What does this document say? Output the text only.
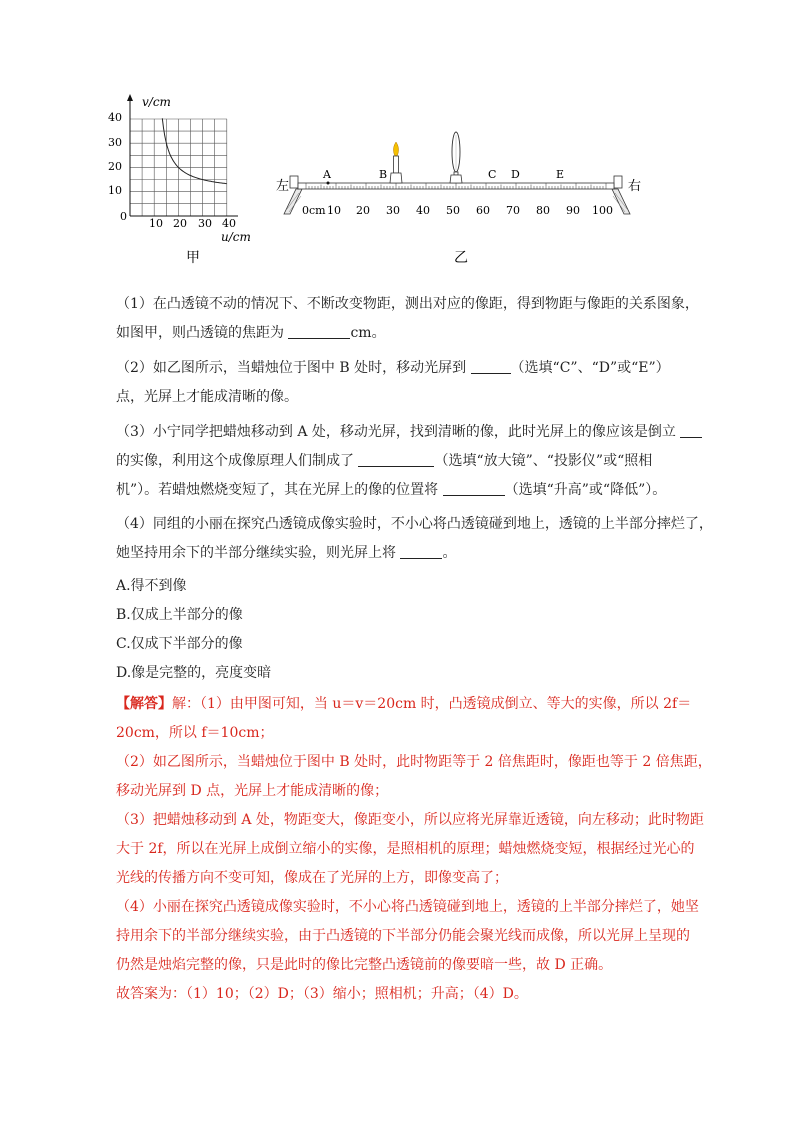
v/cm
40
30
20
10
0
10 20 30 40
u/cm
甲
左	右
0cm 10 20 30 40 50 60 70 80 90 100
A	B	C D	E
乙
（1）在凸透镜不动的情况下、不断改变物距，测出对应的像距，得到物距与像距的关系图象，
如图甲，则凸透镜的焦距为	cm。
（2）如乙图所示，当蜡烛位于图中 B 处时，移动光屏到	（选填“C”、“D”或“E”）
点，光屏上才能成清晰的像。
（3）小宁同学把蜡烛移动到 A 处，移动光屏，找到清晰的像，此时光屏上的像应该是倒立
的实像，利用这个成像原理人们制成了	（选填“放大镜”、“投影仪”或“照相
机”）。若蜡烛燃烧变短了，其在光屏上的像的位置将	（选填“升高”或“降低”）。
（4）同组的小丽在探究凸透镜成像实验时，不小心将凸透镜碰到地上，透镜的上半部分摔烂了，
她坚持用余下的半部分继续实验，则光屏上将	。
A.得不到像
B.仅成上半部分的像
C.仅成下半部分的像
D.像是完整的，亮度变暗
【解答】解：（1）由甲图可知，当 u＝v＝20cm 时，凸透镜成倒立、等大的实像，所以 2f＝
20cm，所以 f＝10cm；
（2）如乙图所示，当蜡烛位于图中 B 处时，此时物距等于 2 倍焦距时，像距也等于 2 倍焦距，
移动光屏到 D 点，光屏上才能成清晰的像；
（3）把蜡烛移动到 A 处，物距变大，像距变小，所以应将光屏靠近透镜，向左移动；此时物距
大于 2f，所以在光屏上成倒立缩小的实像，是照相机的原理；蜡烛燃烧变短，根据经过光心的
光线的传播方向不变可知，像成在了光屏的上方，即像变高了；
（4）小丽在探究凸透镜成像实验时，不小心将凸透镜碰到地上，透镜的上半部分摔烂了，她坚
持用余下的半部分继续实验，由于凸透镜的下半部分仍能会聚光线而成像，所以光屏上呈现的
仍然是烛焰完整的像，只是此时的像比完整凸透镜前的像要暗一些，故 D 正确。
故答案为：（1）10；（2）D；（3）缩小；照相机；升高；（4）D。
